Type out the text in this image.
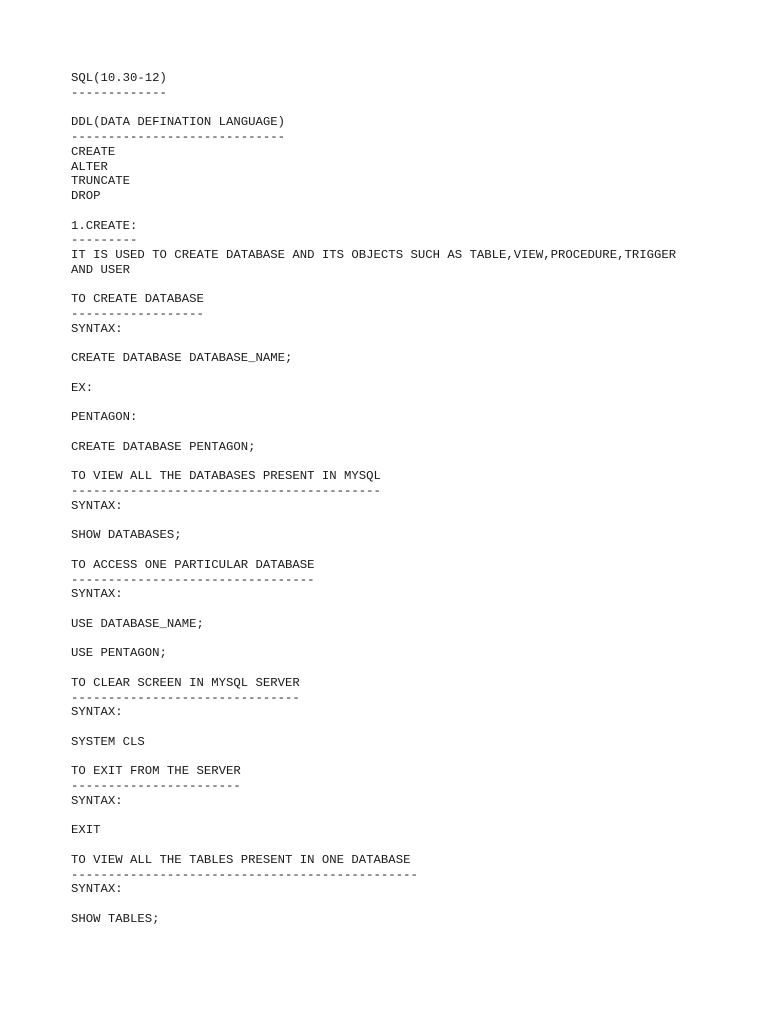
SQL(10.30-12)
-------------
DDL(DATA DEFINATION LANGUAGE)
-----------------------------
CREATE
ALTER
TRUNCATE
DROP
1.CREATE:
---------
IT IS USED TO CREATE DATABASE AND ITS OBJECTS SUCH AS TABLE,VIEW,PROCEDURE,TRIGGER
AND USER
TO CREATE DATABASE
------------------
SYNTAX:
CREATE DATABASE DATABASE_NAME;
EX:
PENTAGON:
CREATE DATABASE PENTAGON;
TO VIEW ALL THE DATABASES PRESENT IN MYSQL
------------------------------------------
SYNTAX:
SHOW DATABASES;
TO ACCESS ONE PARTICULAR DATABASE
---------------------------------
SYNTAX:
USE DATABASE_NAME;
USE PENTAGON;
TO CLEAR SCREEN IN MYSQL SERVER
-------------------------------
SYNTAX:
SYSTEM CLS
TO EXIT FROM THE SERVER
-----------------------
SYNTAX:
EXIT
TO VIEW ALL THE TABLES PRESENT IN ONE DATABASE
-----------------------------------------------
SYNTAX:
SHOW TABLES;
